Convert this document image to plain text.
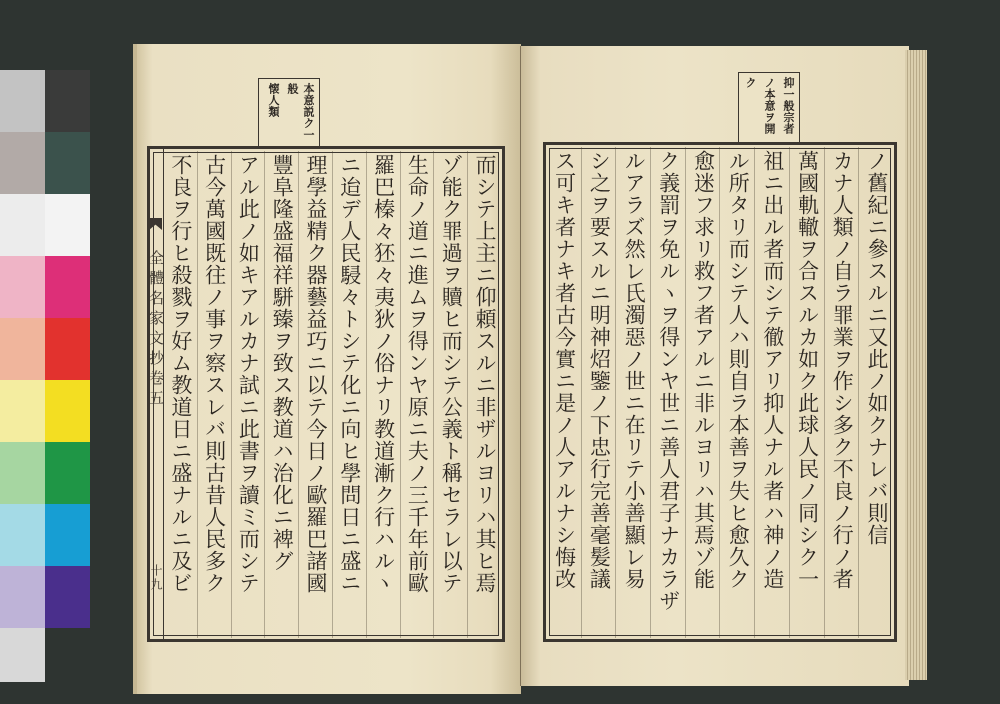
本意説ク一般
懐人類
全體名家文抄卷五
十九	而シテ上主ニ仰頼スルニ非ザルヨリハ其ヒ焉
ゾ能ク罪過ヲ贖ヒ而シテ公義ト稱セラレ以テ
生命ノ道ニ進ムヲ得ンヤ原ニ夫ノ三千年前歐
羅巴榛々狉々夷狄ノ俗ナリ教道漸ク行ハルヽ
ニ迨デ人民駸々トシテ化ニ向ヒ學問日ニ盛ニ
理學益精ク器藝益巧ニ以テ今日ノ歐羅巴諸國
豐阜隆盛福祥駢臻ヲ致ス教道ハ治化ニ裨グ
アル此ノ如キアルカナ試ニ此書ヲ讀ミ而シテ
古今萬國既往ノ事ヲ察スレバ則古昔人民多ク
不良ヲ行ヒ殺戮ヲ好ム教道日ニ盛ナルニ及ビ
抑一般宗者
ノ本意ヲ開
ク
ノ舊紀ニ參スルニ又此ノ如クナレバ則信
カナ人類ノ自ラ罪業ヲ作シ多ク不良ノ行ノ者
萬國軌轍ヲ合スルカ如ク此球人民ノ同シク一
祖ニ出ル者而シテ徹アリ抑人ナル者ハ神ノ造
ル所タリ而シテ人ハ則自ラ本善ヲ失ヒ愈久ク
愈迷フ求リ救フ者アルニ非ルヨリハ其焉ゾ能
ク義罰ヲ免ルヽヲ得ンヤ世ニ善人君子ナカラザ
ルアラズ然レ氏濁惡ノ世ニ在リテ小善顯レ易
シ之ヲ要スルニ明神炤鑒ノ下忠行完善毫髪議
ス可キ者ナキ者古今實ニ是ノ人アルナシ悔改
